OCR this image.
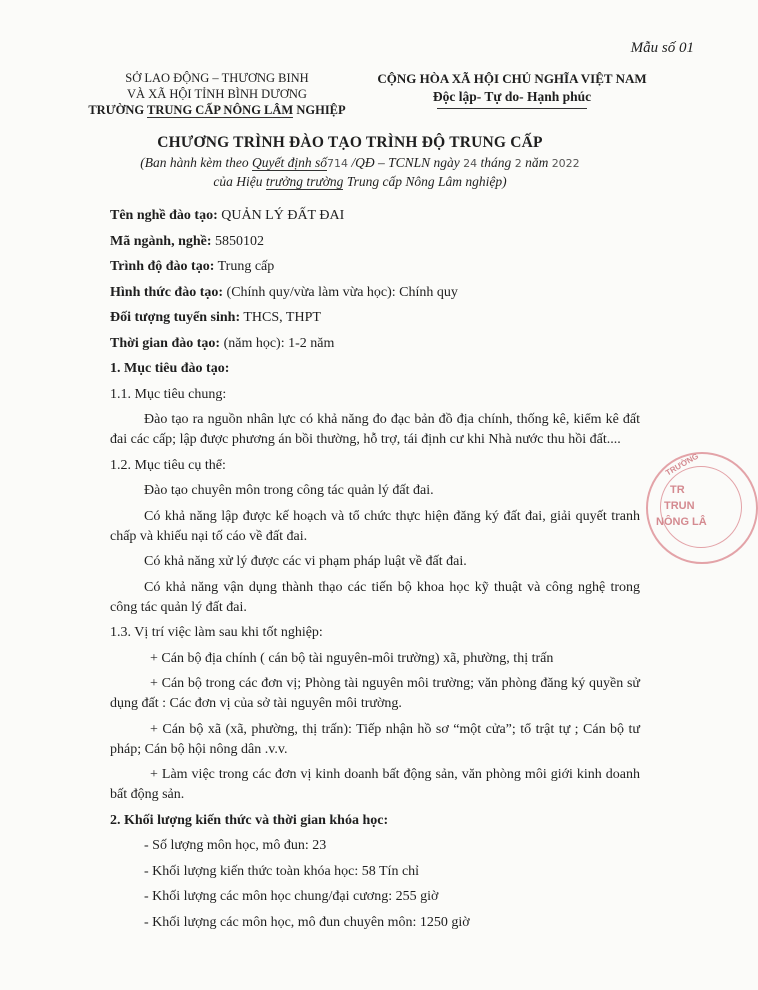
Mẫu số 01
SỞ LAO ĐỘNG – THƯƠNG BINH
VÀ XÃ HỘI TỈNH BÌNH DƯƠNG
TRƯỜNG TRUNG CẤP NÔNG LÂM NGHIỆP
CỘNG HÒA XÃ HỘI CHỦ NGHĨA VIỆT NAM
Độc lập- Tự do- Hạnh phúc
CHƯƠNG TRÌNH ĐÀO TẠO TRÌNH ĐỘ TRUNG CẤP
(Ban hành kèm theo Quyết định số714 /QĐ – TCNLN ngày 24 tháng 2 năm 2022
của Hiệu trưởng trường Trung cấp Nông Lâm nghiệp)
Tên nghề đào tạo: QUẢN LÝ ĐẤT ĐAI
Mã ngành, nghề: 5850102
Trình độ đào tạo: Trung cấp
Hình thức đào tạo: (Chính quy/vừa làm vừa học): Chính quy
Đối tượng tuyển sinh: THCS, THPT
Thời gian đào tạo: (năm học): 1-2 năm
1. Mục tiêu đào tạo:
1.1. Mục tiêu chung:
Đào tạo ra nguồn nhân lực có khả năng đo đạc bản đồ địa chính, thống kê, kiểm kê đất đai các cấp; lập được phương án bồi thường, hỗ trợ, tái định cư khi Nhà nước thu hồi đất....
1.2. Mục tiêu cụ thể:
Đào tạo chuyên môn trong công tác quản lý đất đai.
Có khả năng lập được kế hoạch và tổ chức thực hiện đăng ký đất đai, giải quyết tranh chấp và khiếu nại tố cáo về đất đai.
Có khả năng xử lý được các vi phạm pháp luật về đất đai.
Có khả năng vận dụng thành thạo các tiến bộ khoa học kỹ thuật và công nghệ trong công tác quản lý đất đai.
1.3. Vị trí việc làm sau khi tốt nghiệp:
+ Cán bộ địa chính ( cán bộ tài nguyên-môi trường) xã, phường, thị trấn
+ Cán bộ trong các đơn vị; Phòng tài nguyên môi trường; văn phòng đăng ký quyền sử dụng đất : Các đơn vị của sở tài nguyên môi trường.
+ Cán bộ xã (xã, phường, thị trấn): Tiếp nhận hồ sơ “một cửa”; tổ trật tự ; Cán bộ tư pháp; Cán bộ hội nông dân .v.v.
+ Làm việc trong các đơn vị kinh doanh bất động sản, văn phòng môi giới kinh doanh bất động sản.
2. Khối lượng kiến thức và thời gian khóa học:
- Số lượng môn học, mô đun: 23
- Khối lượng kiến thức toàn khóa học: 58 Tín chỉ
- Khối lượng các môn học chung/đại cương: 255 giờ
- Khối lượng các môn học, mô đun chuyên môn: 1250 giờ
TRƯỜNG
TR
TRUN
NÔNG LÂ
